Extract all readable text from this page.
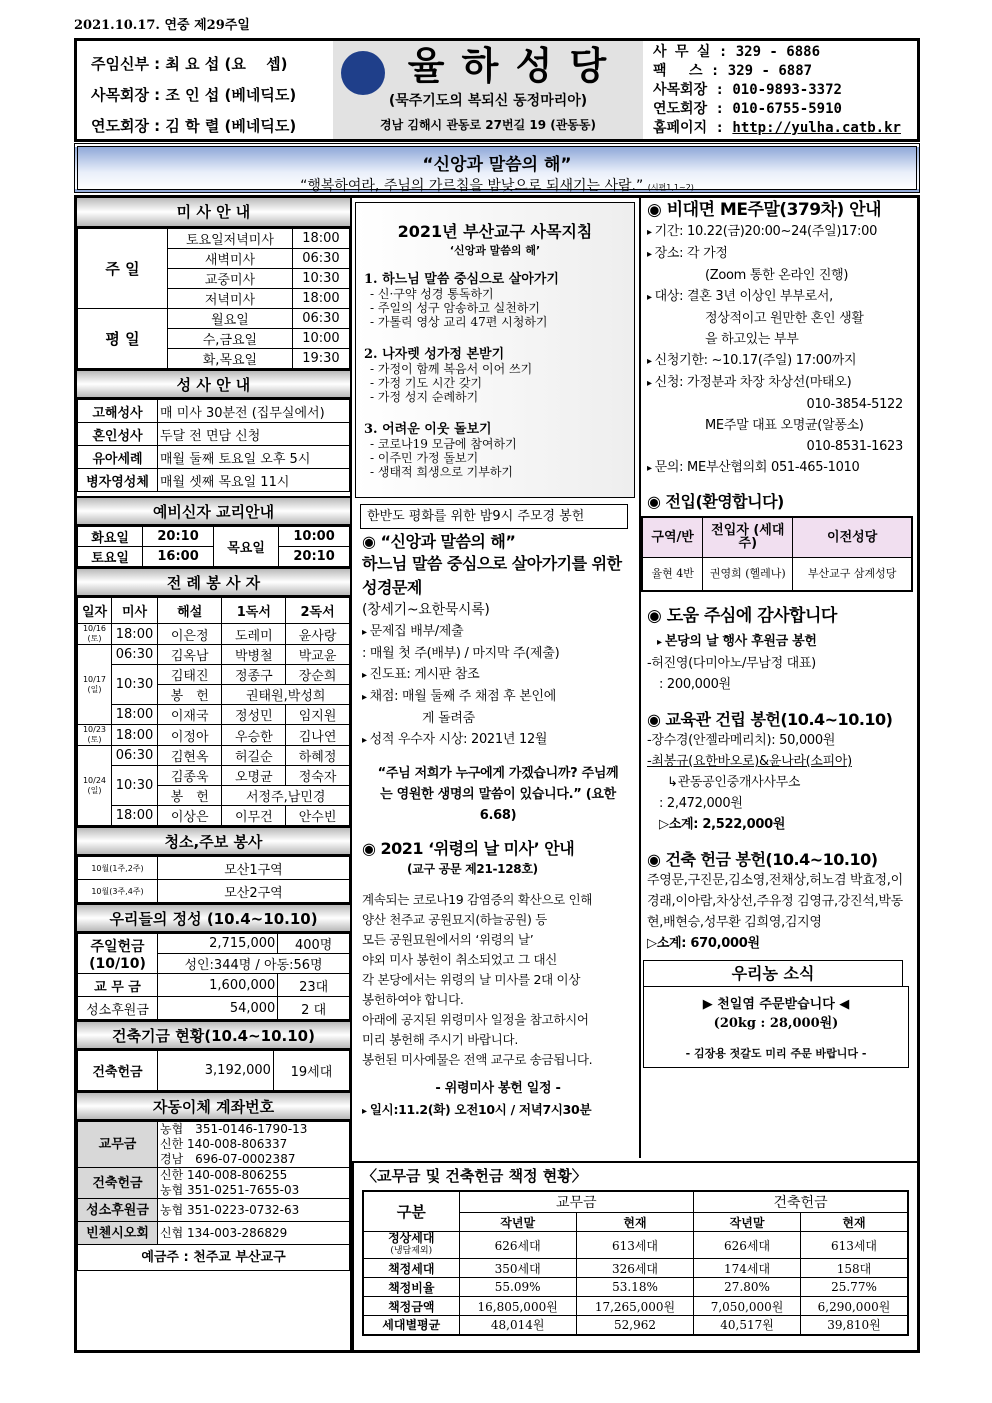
2021.10.17. 연중 제29주일
주임신부 : 최 요 섭 (요　 셉)
사목회장 : 조 인 섭 (베네딕도)
연도회장 : 김 학 렬 (베네딕도)
율 하 성 당
(묵주기도의 복되신 동정마리아)
경남 김해시 관동로 27번길 19 (관동동)
사 무 실 : 329 - 6886
팩　 스 : 329 - 6887
사목회장 : 010-9893-3372
연도회장 : 010-6755-5910
홈페이지 : http://yulha.catb.kr
“신앙과 말씀의 해”
“행복하여라, 주님의 가르침을 밤낮으로 되새기는 사람.” (시편1,1~2)
미 사 안 내
주 일	토요일저녁미사	18:00
	새벽미사	06:30
	교중미사	10:30
	저녁미사	18:00
평 일	월요일	06:30
	수,금요일	10:00
	화,목요일	19:30
성 사 안 내
고해성사	매 미사 30분전 (집무실에서)
혼인성사	두달 전 면담 신청
유아세례	매월 둘째 토요일 오후 5시
병자영성체	매월 셋째 목요일 11시
예비신자 교리안내
화요일	20:10	목요일	10:00
토요일	16:00		20:10
전 례 봉 사 자
일자	미사	해설	1독서	2독서
10/16 (토)	18:00	이은정	도레미	윤사랑
10/17 (일)	06:30	김옥남	박병철	박교윤
	10:30	김태진	정종구	장순희
		봉　헌	권태원,박성희	
	18:00	이재국	정성민	임지원
10/23 (토)	18:00	이정아	우승한	김나연
10/24 (일)	06:30	김현옥	허길순	하혜정
	10:30	김종욱	오명균	정숙자
		봉　헌	서정주,남민경	
	18:00	이상은	이무건	안수빈
청소,주보 봉사
10월(1주,2주)	모산1구역
10월(3주,4주)	모산2구역
우리들의 정성 (10.4~10.10)
주일헌금
(10/10)	2,715,000	400명
	성인:344명 / 아동:56명	
교 무 금	1,600,000	23대
성소후원금	54,000	2 대
건축기금 현황(10.4~10.10)
건축헌금	3,192,000	19세대
자동이체 계좌번호
교무금	농협　351-0146-1790-13
신한 140-008-806337
경남　696-07-0002387

건축헌금	신한 140-008-806255
농협 351-0251-7655-03

성소후원금	농협 351-0223-0732-63
빈첸시오회	신협 134-003-286829
예금주 : 천주교 부산교구	
2021년 부산교구 사목지침
‘신앙과 말씀의 해’
1. 하느님 말씀 중심으로 살아가기
- 신·구약 성경 통독하기
- 주일의 성구 암송하고 실천하기
- 가톨릭 영상 교리 47편 시청하기
2. 나자렛 성가정 본받기
- 가정이 함께 복음서 이어 쓰기
- 가정 기도 시간 갖기
- 가정 성지 순례하기
3. 어려운 이웃 돌보기
- 코로나19 모금에 참여하기
- 이주민 가정 돌보기
- 생태적 희생으로 기부하기
한반도 평화를 위한 밤9시 주모경 봉헌
◉ “신앙과 말씀의 해”
하느님 말씀 중심으로 살아가기를 위한 성경문제
(창세기~요한묵시록)
▸ 문제집 배부/제출
: 매월 첫 주(배부) / 마지막 주(제출)
▸ 진도표: 게시판 참조
▸ 채점: 매월 둘째 주 채점 후 본인에
게 돌려줌
▸ 성적 우수자 시상: 2021년 12월
“주님 저희가 누구에게 가겠습니까? 주님께는 영원한 생명의 말씀이 있습니다.” (요한6.68)
◉ 2021 ‘위령의 날 미사’ 안내
(교구 공문 제21-128호)
계속되는 코로나19 감염증의 확산으로 인해
양산 천주교 공원묘지(하늘공원) 등
모든 공원묘원에서의 ‘위령의 날’
야외 미사 봉헌이 취소되었고 그 대신
각 본당에서는 위령의 날 미사를 2대 이상
봉헌하여야 합니다.
아래에 공지된 위령미사 일정을 참고하시어
미리 봉헌해 주시기 바랍니다.
봉헌된 미사예물은 전액 교구로 송금됩니다.
- 위령미사 봉헌 일정 -
▸ 일시:11.2(화) 오전10시 / 저녁7시30분
◉ 비대면 ME주말(379차) 안내
▸ 기간: 10.22(금)20:00~24(주일)17:00
▸ 장소: 각 가정
(Zoom 통한 온라인 진행)
▸ 대상: 결혼 3년 이상인 부부로서,
정상적이고 원만한 혼인 생활
을 하고있는 부부
▸ 신청기한: ~10.17(주일) 17:00까지
▸ 신청: 가정분과 차장 차상선(마태오)
010-3854-5122
ME주말 대표 오명균(알퐁소)
010-8531-1623
▸ 문의: ME부산협의회 051-465-1010
◉ 전입(환영합니다)
구역/반	전입자 (세대주)	이전성당
율현 4반	권영희 (헬레나)	부산교구 삼계성당
◉ 도움 주심에 감사합니다
▸ 본당의 날 행사 후원금 봉헌
-허진영(다미아노/무남정 대표)
: 200,000원
◉ 교육관 건립 봉헌(10.4~10.10)
-장수경(안젤라메리치): 50,000원
-최봉규(요한바오로)&윤나라(소피아)
↳관동공인중개사사무소
: 2,472,000원
▷소계: 2,522,000원
◉ 건축 헌금 봉헌(10.4~10.10)
주영문,구진문,김소영,전채상,허노겸 박효정,이경래,이아람,차상선,주유정 김영규,강진석,박동현,배현승,성무환 김희영,김지영
▷소계: 670,000원
우리농 소식
▶ 천일염 주문받습니다 ◀
(20kg : 28,000원)
- 김장용 젓갈도 미리 주문 바랍니다 -
〈교무금 및 건축헌금 책정 현황〉
구분	교무금		건축헌금	
	작년말	현재	작년말	현재

정상세대
(냉담제외)	626세대	613세대	626세대	613세대
책정세대	350세대	326세대	174세대	158대
책정비율	55.09%	53.18%	27.80%	25.77%
책정금액	16,805,000원	17,265,000원	7,050,000원	6,290,000원
세대별평균	48,014원	52,962	40,517원	39,810원
